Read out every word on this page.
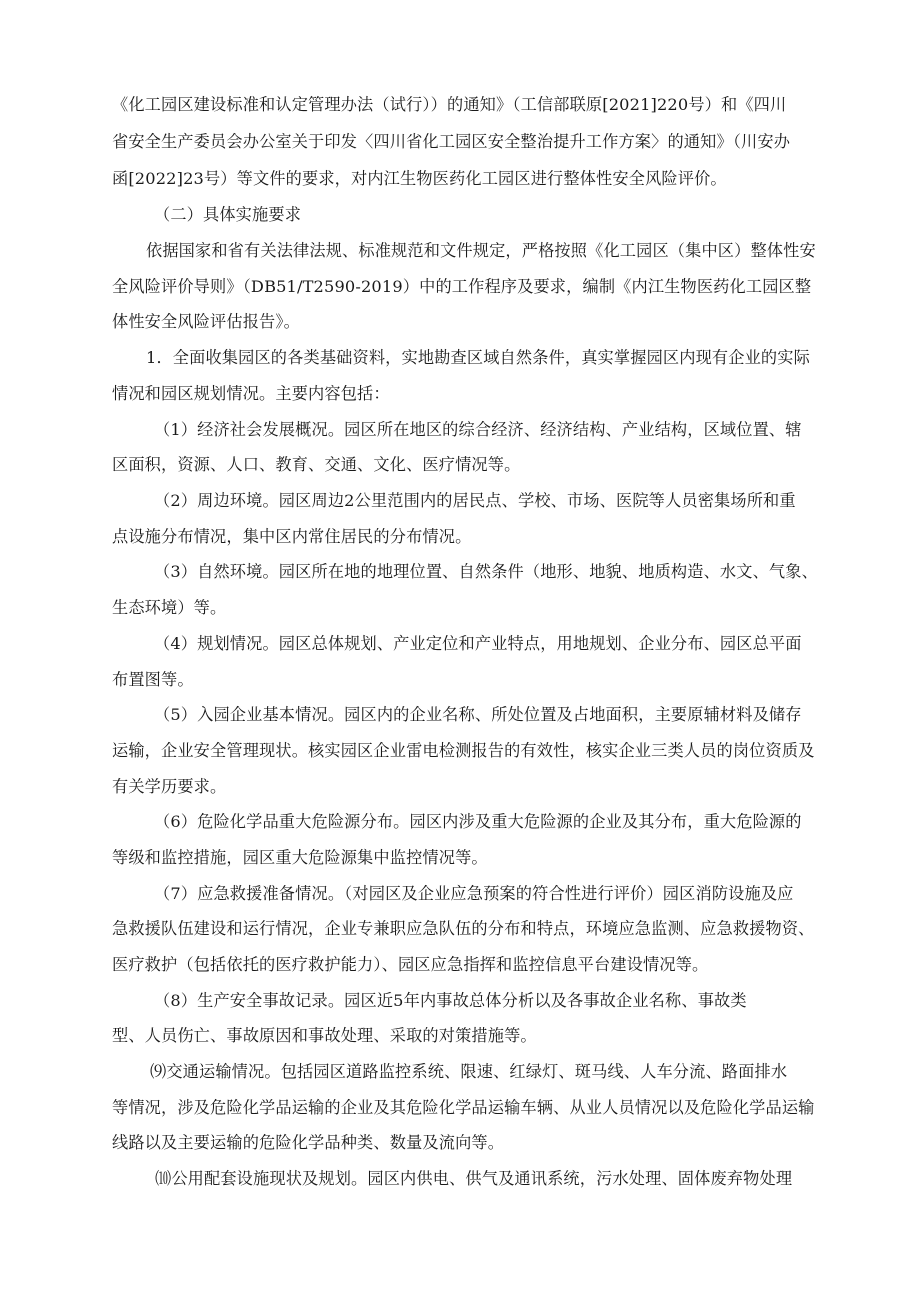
《化工园区建设标准和认定管理办法（试行））的通知》（工信部联原[2021]220号）和《四川
省安全生产委员会办公室关于印发〈四川省化工园区安全整治提升工作方案〉的通知》（川安办
函[2022]23号）等文件的要求，对内江生物医药化工园区进行整体性安全风险评价。
（二）具体实施要求
依据国家和省有关法律法规、标准规范和文件规定，严格按照《化工园区（集中区）整体性安
全风险评价导则》（DB51/T2590-2019）中的工作程序及要求，编制《内江生物医药化工园区整
体性安全风险评估报告》。
1．全面收集园区的各类基础资料，实地勘查区域自然条件，真实掌握园区内现有企业的实际
情况和园区规划情况。主要内容包括：
（1）经济社会发展概况。园区所在地区的综合经济、经济结构、产业结构，区域位置、辖
区面积，资源、人口、教育、交通、文化、医疗情况等。
（2）周边环境。园区周边2公里范围内的居民点、学校、市场、医院等人员密集场所和重
点设施分布情况，集中区内常住居民的分布情况。
（3）自然环境。园区所在地的地理位置、自然条件（地形、地貌、地质构造、水文、气象、
生态环境）等。
（4）规划情况。园区总体规划、产业定位和产业特点，用地规划、企业分布、园区总平面
布置图等。
（5）入园企业基本情况。园区内的企业名称、所处位置及占地面积，主要原辅材料及储存
运输，企业安全管理现状。核实园区企业雷电检测报告的有效性，核实企业三类人员的岗位资质及
有关学历要求。
（6）危险化学品重大危险源分布。园区内涉及重大危险源的企业及其分布，重大危险源的
等级和监控措施，园区重大危险源集中监控情况等。
（7）应急救援准备情况。（对园区及企业应急预案的符合性进行评价）园区消防设施及应
急救援队伍建设和运行情况，企业专兼职应急队伍的分布和特点，环境应急监测、应急救援物资、
医疗救护（包括依托的医疗救护能力）、园区应急指挥和监控信息平台建设情况等。
（8）生产安全事故记录。园区近5年内事故总体分析以及各事故企业名称、事故类
型、人员伤亡、事故原因和事故处理、采取的对策措施等。
⑼交通运输情况。包括园区道路监控系统、限速、红绿灯、斑马线、人车分流、路面排水
等情况，涉及危险化学品运输的企业及其危险化学品运输车辆、从业人员情况以及危险化学品运输
线路以及主要运输的危险化学品种类、数量及流向等。
⑽公用配套设施现状及规划。园区内供电、供气及通讯系统，污水处理、固体废弃物处理
